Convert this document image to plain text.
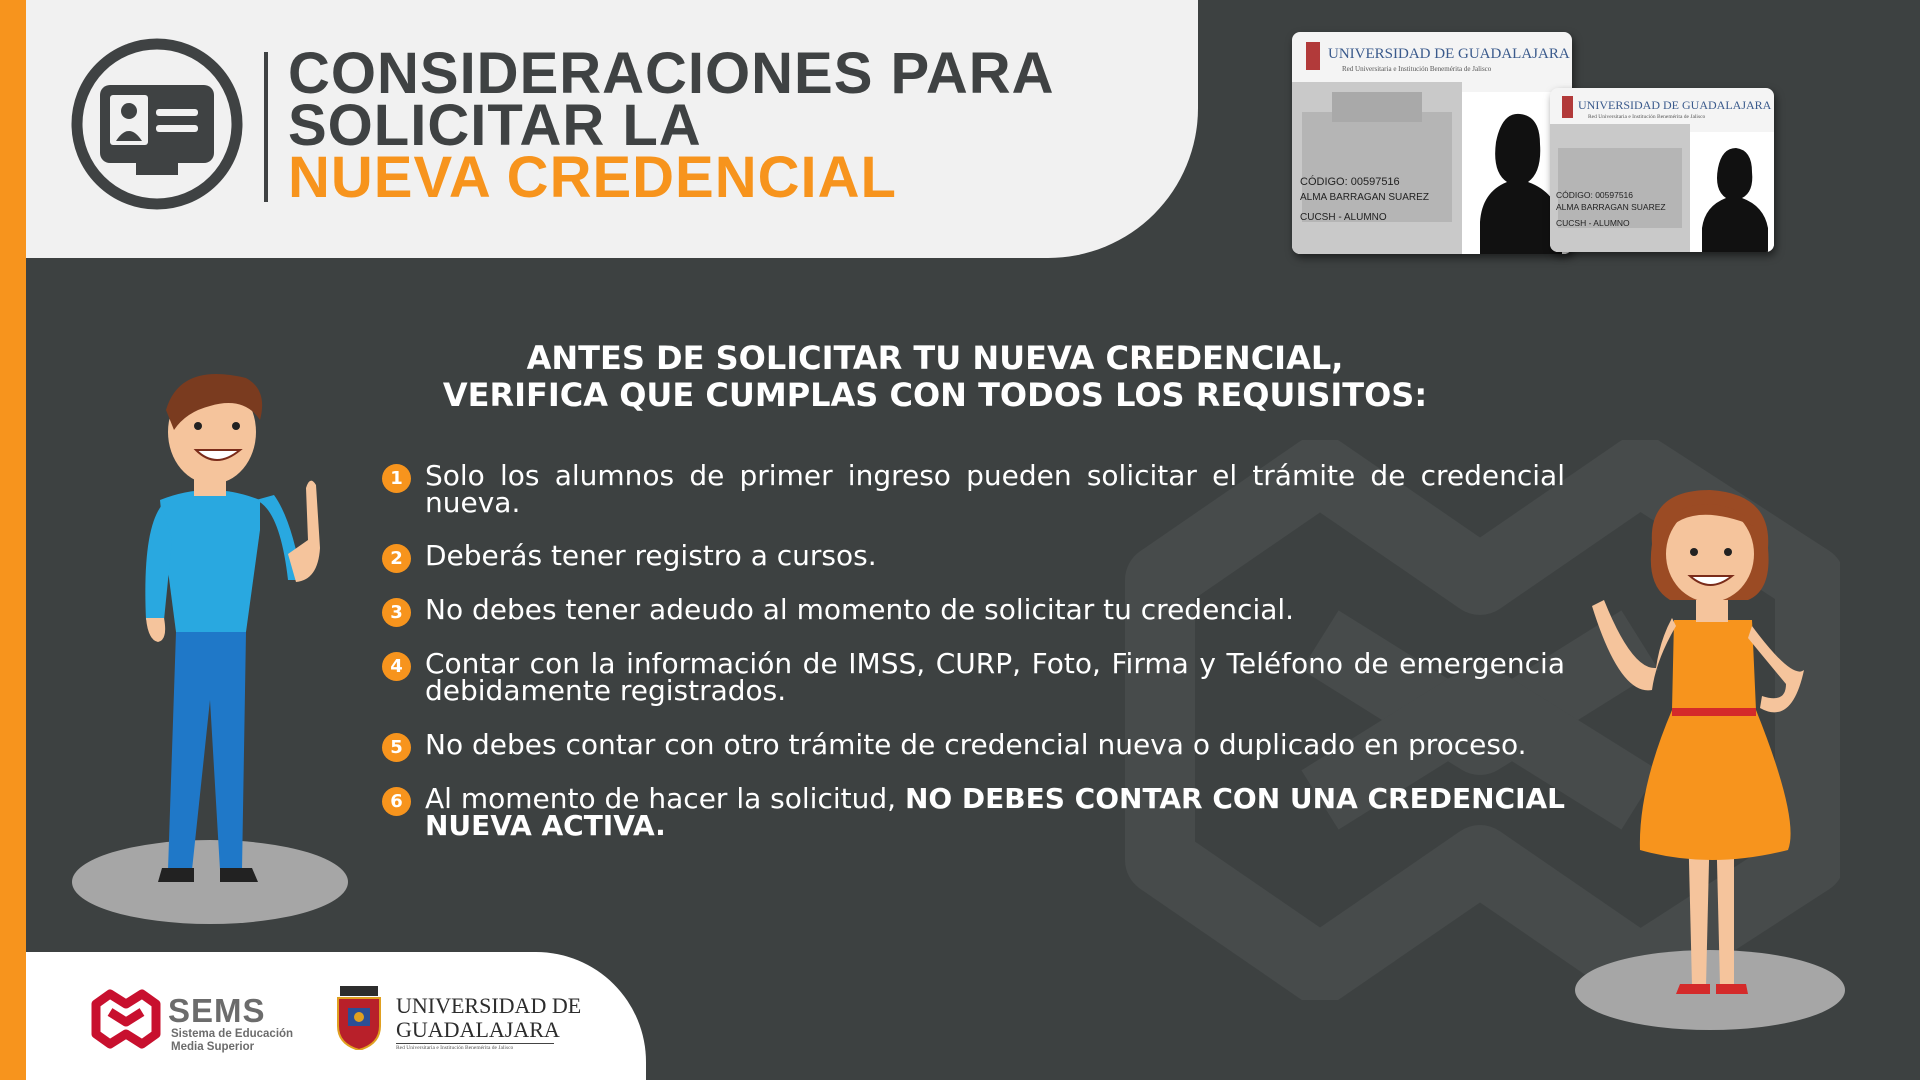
CONSIDERACIONES PARA
SOLICITAR LA
NUEVA CREDENCIAL
UNIVERSIDAD DE GUADALAJARA
Red Universitaria e Institución Benemérita de Jalisco
CÓDIGO: 00597516
ALMA BARRAGAN SUAREZ
CUCSH - ALUMNO
UNIVERSIDAD DE GUADALAJARA
Red Universitaria e Institución Benemérita de Jalisco
CÓDIGO: 00597516
ALMA BARRAGAN SUAREZ
CUCSH - ALUMNO
ANTES DE SOLICITAR TU NUEVA CREDENCIAL,
VERIFICA QUE CUMPLAS CON TODOS LOS REQUISITOS:
1 Solo los alumnos de primer ingreso pueden solicitar el trámite de credencial nueva.
2 Deberás tener registro a cursos.
3 No debes tener adeudo al momento de solicitar tu credencial.
4 Contar con la información de IMSS, CURP, Foto, Firma y Teléfono de emergencia debidamente registrados.
5 No debes contar con otro trámite de credencial nueva o duplicado en proceso.
6 Al momento de hacer la solicitud, NO DEBES CONTAR CON UNA CREDENCIAL NUEVA ACTIVA.
SEMS
Sistema de Educación
Media Superior
UNIVERSIDAD DE
GUADALAJARA
Red Universitaria e Institución Benemérita de Jalisco
